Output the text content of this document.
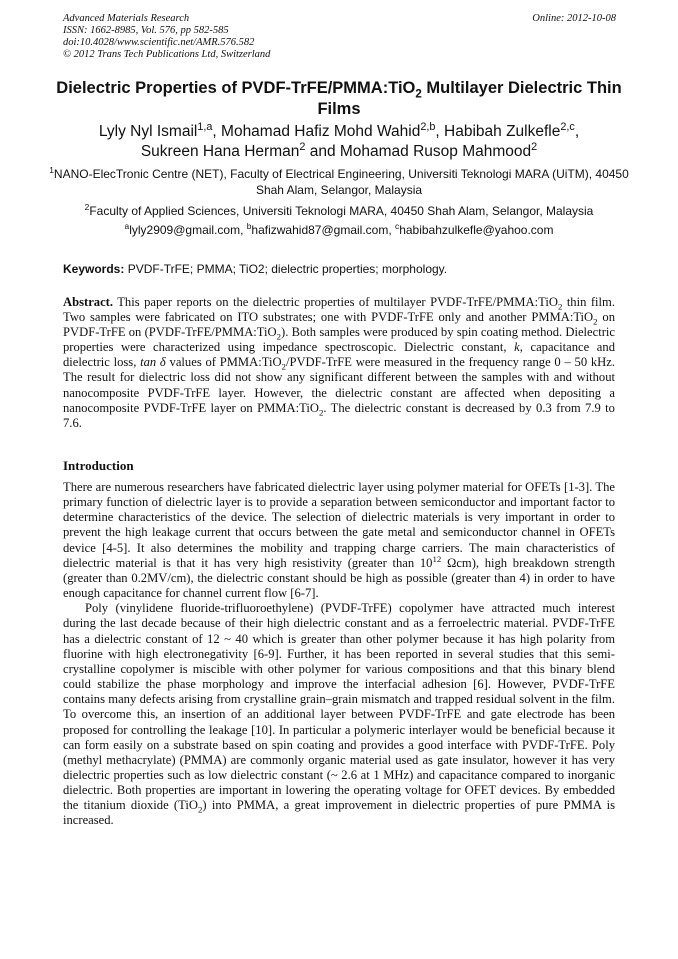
Advanced Materials Research
ISSN: 1662-8985, Vol. 576, pp 582-585
doi:10.4028/www.scientific.net/AMR.576.582
© 2012 Trans Tech Publications Ltd, Switzerland
Online: 2012-10-08
Dielectric Properties of PVDF-TrFE/PMMA:TiO$_2$ Multilayer Dielectric Thin Films
Lyly Nyl Ismail$^{1,a}$, Mohamad Hafiz Mohd Wahid$^{2,b}$, Habibah Zulkefle$^{2,c}$,
Sukreen Hana Herman$^2$ and Mohamad Rusop Mahmood$^2$
$^1$NANO-ElecTronic Centre (NET), Faculty of Electrical Engineering, Universiti Teknologi MARA (UiTM), 40450 Shah Alam, Selangor, Malaysia
$^2$Faculty of Applied Sciences, Universiti Teknologi MARA, 40450 Shah Alam, Selangor, Malaysia
$^a$lyly2909@gmail.com, $^b$hafizwahid87@gmail.com, $^c$habibahzulkefle@yahoo.com
Keywords: PVDF-TrFE; PMMA; TiO2; dielectric properties; morphology.
Abstract. This paper reports on the dielectric properties of multilayer PVDF-TrFE/PMMA:TiO$_2$ thin film. Two samples were fabricated on ITO substrates; one with PVDF-TrFE only and another PMMA:TiO$_2$ on PVDF-TrFE on (PVDF-TrFE/PMMA:TiO$_2$). Both samples were produced by spin coating method. Dielectric properties were characterized using impedance spectroscopic. Dielectric constant, k, capacitance and dielectric loss, tan δ values of PMMA:TiO$_2$/PVDF-TrFE were measured in the frequency range 0 – 50 kHz. The result for dielectric loss did not show any significant different between the samples with and without nanocomposite PVDF-TrFE layer. However, the dielectric constant are affected when depositing a nanocomposite PVDF-TrFE layer on PMMA:TiO$_2$. The dielectric constant is decreased by 0.3 from 7.9 to 7.6.
Introduction

There are numerous researchers have fabricated dielectric layer using polymer material for OFETs [1-3]. The primary function of dielectric layer is to provide a separation between semiconductor and important factor to determine characteristics of the device. The selection of dielectric materials is very important in order to prevent the high leakage current that occurs between the gate metal and semiconductor channel in OFETs device [4-5]. It also determines the mobility and trapping charge carriers. The main characteristics of dielectric material is that it has very high resistivity (greater than $10^{12}$ Ωcm), high breakdown strength (greater than 0.2MV/cm), the dielectric constant should be high as possible (greater than 4) in order to have enough capacitance for channel current flow [6-7].

Poly (vinylidene fluoride-trifluoroethylene) (PVDF-TrFE) copolymer have attracted much interest during the last decade because of their high dielectric constant and as a ferroelectric material. PVDF-TrFE has a dielectric constant of 12 ~ 40 which is greater than other polymer because it has high polarity from fluorine with high electronegativity [6-9]. Further, it has been reported in several studies that this semi-crystalline copolymer is miscible with other polymer for various compositions and that this binary blend could stabilize the phase morphology and improve the interfacial adhesion [6]. However, PVDF-TrFE contains many defects arising from crystalline grain–grain mismatch and trapped residual solvent in the film. To overcome this, an insertion of an additional layer between PVDF-TrFE and gate electrode has been proposed for controlling the leakage [10]. In particular a polymeric interlayer would be beneficial because it can form easily on a substrate based on spin coating and provides a good interface with PVDF-TrFE. Poly (methyl methacrylate) (PMMA) are commonly organic material used as gate insulator, however it has very dielectric properties such as low dielectric constant (~ 2.6 at 1 MHz) and capacitance compared to inorganic dielectric. Both properties are important in lowering the operating voltage for OFET devices. By embedded the titanium dioxide (TiO$_2$) into PMMA, a great improvement in dielectric properties of pure PMMA is increased.
